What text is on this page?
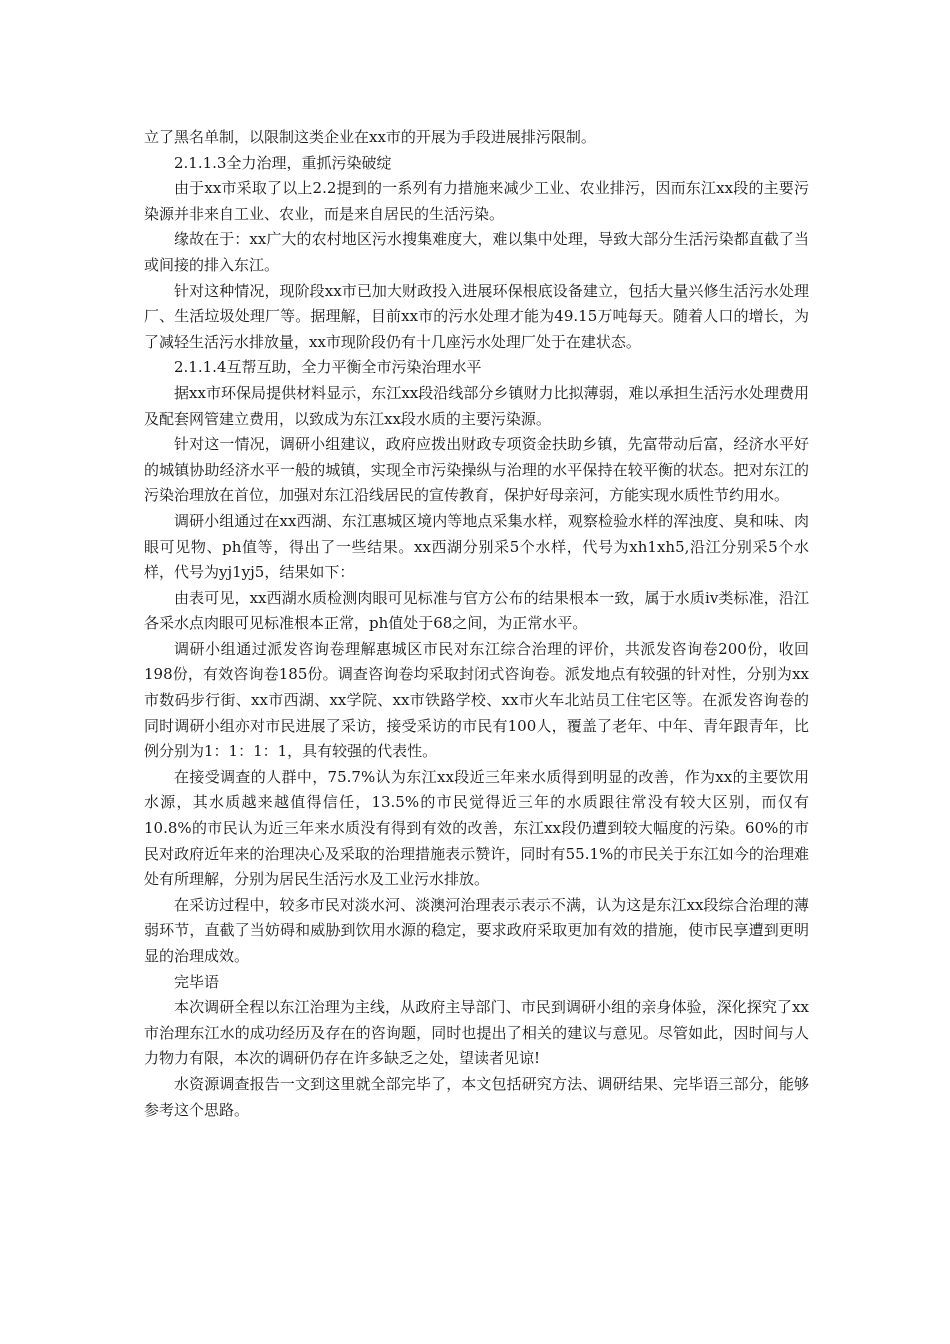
立了黑名单制，以限制这类企业在xx市的开展为手段进展排污限制。

2.1.1.3全力治理，重抓污染破绽

由于xx市采取了以上2.2提到的一系列有力措施来减少工业、农业排污，因而东江xx段的主要污染源并非来自工业、农业，而是来自居民的生活污染。

缘故在于：xx广大的农村地区污水搜集难度大，难以集中处理，导致大部分生活污染都直截了当或间接的排入东江。

针对这种情况，现阶段xx市已加大财政投入进展环保根底设备建立，包括大量兴修生活污水处理厂、生活垃圾处理厂等。据理解，目前xx市的污水处理才能为49.15万吨每天。随着人口的增长，为了减轻生活污水排放量，xx市现阶段仍有十几座污水处理厂处于在建状态。

2.1.1.4互帮互助，全力平衡全市污染治理水平

据xx市环保局提供材料显示，东江xx段沿线部分乡镇财力比拟薄弱，难以承担生活污水处理费用及配套网管建立费用，以致成为东江xx段水质的主要污染源。

针对这一情况，调研小组建议，政府应拨出财政专项资金扶助乡镇，先富带动后富，经济水平好的城镇协助经济水平一般的城镇，实现全市污染操纵与治理的水平保持在较平衡的状态。把对东江的污染治理放在首位，加强对东江沿线居民的宣传教育，保护好母亲河，方能实现水质性节约用水。

调研小组通过在xx西湖、东江惠城区境内等地点采集水样，观察检验水样的浑浊度、臭和味、肉眼可见物、ph值等，得出了一些结果。xx西湖分别采5个水样，代号为xh1xh5,沿江分别采5个水样，代号为yj1yj5，结果如下：

由表可见，xx西湖水质检测肉眼可见标准与官方公布的结果根本一致，属于水质iv类标准，沿江各采水点肉眼可见标准根本正常，ph值处于68之间，为正常水平。

调研小组通过派发咨询卷理解惠城区市民对东江综合治理的评价，共派发咨询卷200份，收回198份，有效咨询卷185份。调查咨询卷均采取封闭式咨询卷。派发地点有较强的针对性，分别为xx市数码步行街、xx市西湖、xx学院、xx市铁路学校、xx市火车北站员工住宅区等。在派发咨询卷的同时调研小组亦对市民进展了采访，接受采访的市民有100人，覆盖了老年、中年、青年跟青年，比例分别为1：1：1：1，具有较强的代表性。

在接受调查的人群中，75.7%认为东江xx段近三年来水质得到明显的改善，作为xx的主要饮用水源，其水质越来越值得信任，13.5%的市民觉得近三年的水质跟往常没有较大区别，而仅有10.8%的市民认为近三年来水质没有得到有效的改善，东江xx段仍遭到较大幅度的污染。60%的市民对政府近年来的治理决心及采取的治理措施表示赞许，同时有55.1%的市民关于东江如今的治理难处有所理解，分别为居民生活污水及工业污水排放。

在采访过程中，较多市民对淡水河、淡澳河治理表示表示不满，认为这是东江xx段综合治理的薄弱环节，直截了当妨碍和威胁到饮用水源的稳定，要求政府采取更加有效的措施，使市民享遭到更明显的治理成效。

完毕语

本次调研全程以东江治理为主线，从政府主导部门、市民到调研小组的亲身体验，深化探究了xx市治理东江水的成功经历及存在的咨询题，同时也提出了相关的建议与意见。尽管如此，因时间与人力物力有限，本次的调研仍存在许多缺乏之处，望读者见谅!

水资源调查报告一文到这里就全部完毕了，本文包括研究方法、调研结果、完毕语三部分，能够参考这个思路。
